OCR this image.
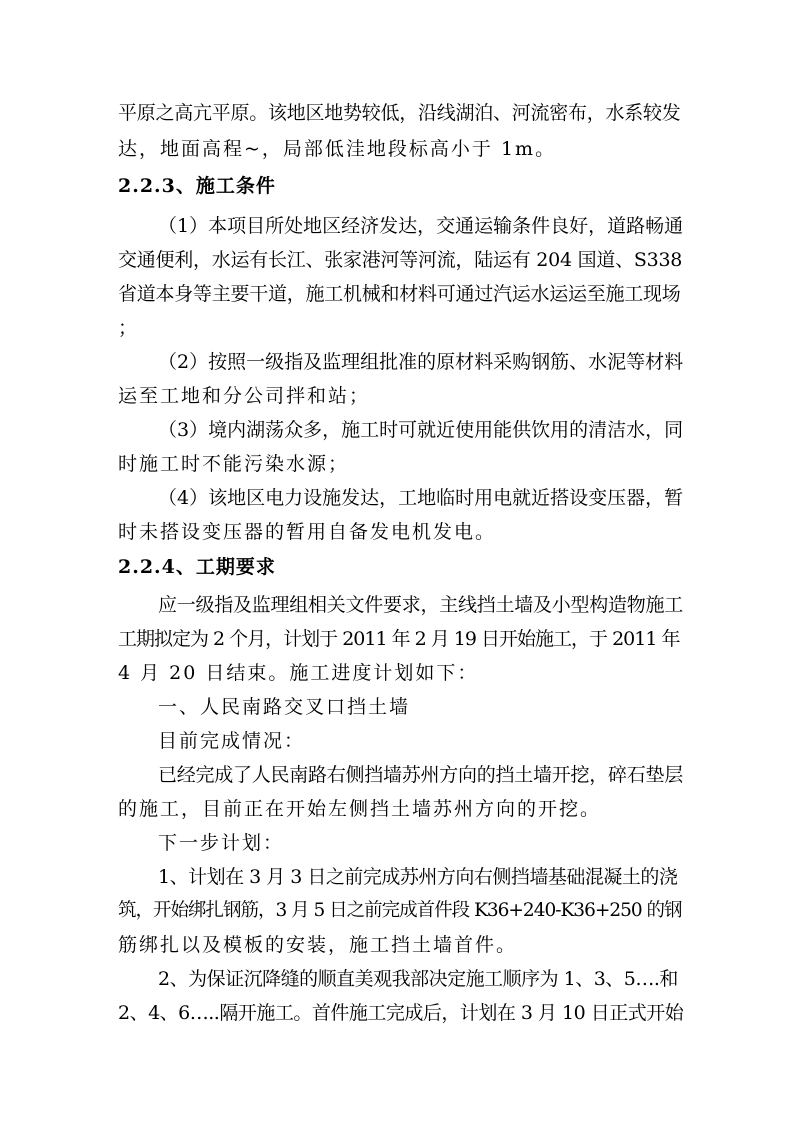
平原之高亢平原。该地区地势较低，沿线湖泊、河流密布，水系较发
达，地面高程~，局部低洼地段标高小于 1m。
2.2.3、施工条件
（1）本项目所处地区经济发达，交通运输条件良好，道路畅通
交通便利，水运有长江、张家港河等河流，陆运有 204 国道、S338
省道本身等主要干道，施工机械和材料可通过汽运水运运至施工现场
；
（2）按照一级指及监理组批准的原材料采购钢筋、水泥等材料
运至工地和分公司拌和站；
（3）境内湖荡众多，施工时可就近使用能供饮用的清洁水，同
时施工时不能污染水源；
（4）该地区电力设施发达，工地临时用电就近搭设变压器，暂
时未搭设变压器的暂用自备发电机发电。
2.2.4、工期要求
应一级指及监理组相关文件要求，主线挡土墙及小型构造物施工
工期拟定为 2 个月，计划于 2011 年 2 月 19 日开始施工，于 2011 年
4 月 20 日结束。施工进度计划如下：
一、人民南路交叉口挡土墙
目前完成情况：
已经完成了人民南路右侧挡墙苏州方向的挡土墙开挖，碎石垫层
的施工，目前正在开始左侧挡土墙苏州方向的开挖。
下一步计划：
1、计划在 3 月 3 日之前完成苏州方向右侧挡墙基础混凝土的浇
筑，开始绑扎钢筋，3 月 5 日之前完成首件段 K36+240-K36+250 的钢
筋绑扎以及模板的安装，施工挡土墙首件。
2、为保证沉降缝的顺直美观我部决定施工顺序为 1、3、5….和
2、4、6…..隔开施工。首件施工完成后，计划在 3 月 10 日正式开始
